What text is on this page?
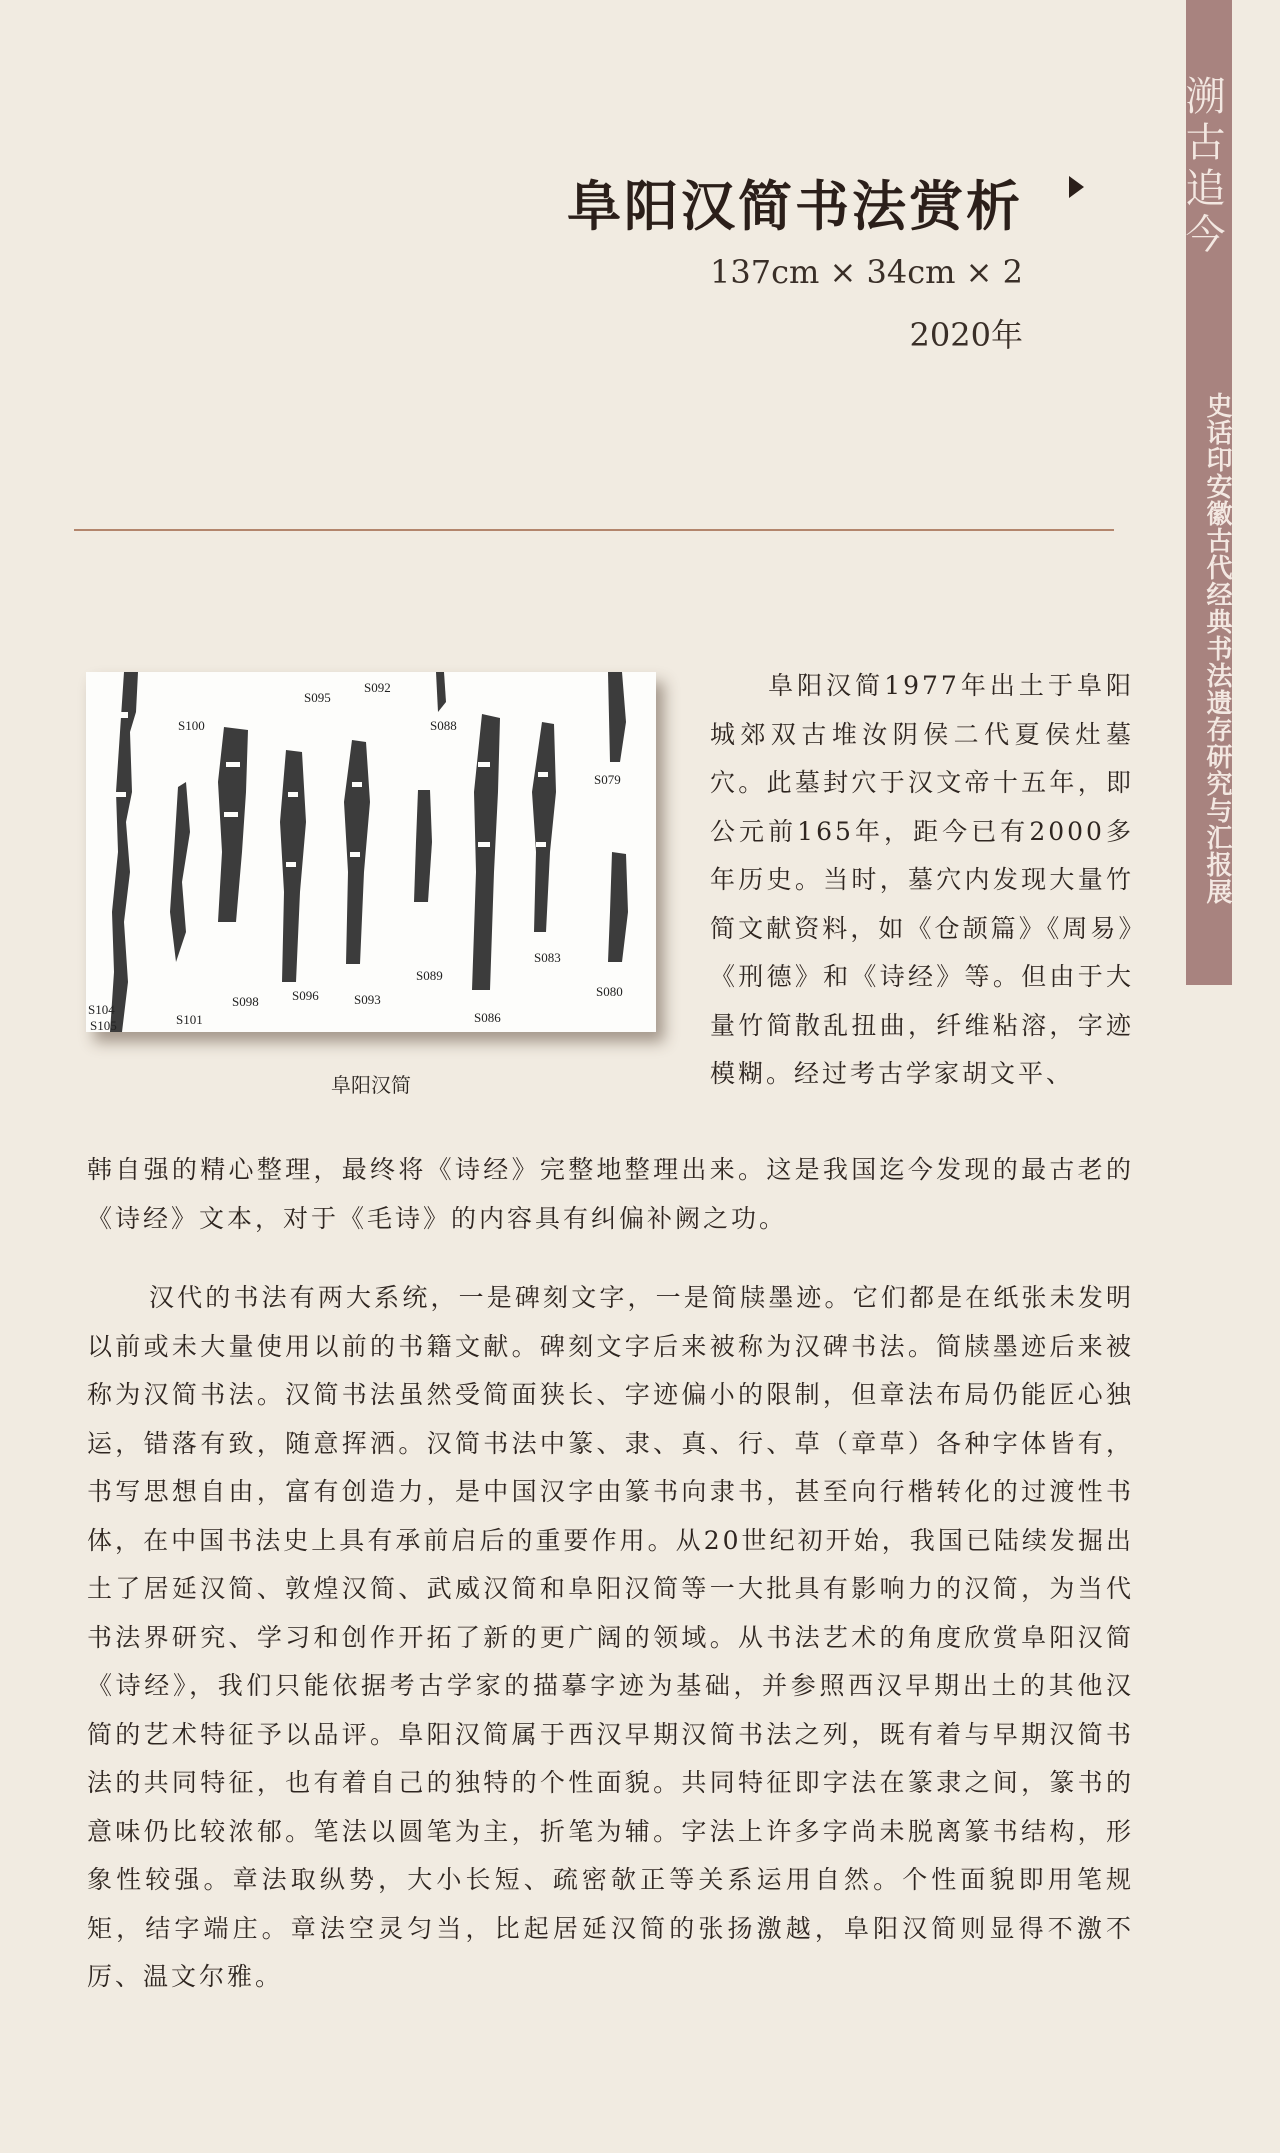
溯古追今
史话印安徽古代经典书法遗存研究与汇报展
阜阳汉简书法赏析
137cm × 34cm × 2
2020年
S100
S095
S092
S088
S079
S104
S105	S101
S098	S096	S093
S089
S086
S083
S080
阜阳汉简

　　阜阳汉简1977年出土于阜阳城郊双古堆汝阴侯二代夏侯灶墓穴。此墓封穴于汉文帝十五年，即公元前165年，距今已有2000多年历史。当时，墓穴内发现大量竹简文献资料，如《仓颉篇》《周易》《刑德》和《诗经》等。但由于大量竹简散乱扭曲，纤维粘溶，字迹模糊。经过考古学家胡文平、

韩自强的精心整理，最终将《诗经》完整地整理出来。这是我国迄今发现的最古老的《诗经》文本，对于《毛诗》的内容具有纠偏补阙之功。

汉代的书法有两大系统，一是碑刻文字，一是简牍墨迹。它们都是在纸张未发明以前或未大量使用以前的书籍文献。碑刻文字后来被称为汉碑书法。简牍墨迹后来被称为汉简书法。汉简书法虽然受简面狭长、字迹偏小的限制，但章法布局仍能匠心独运，错落有致，随意挥洒。汉简书法中篆、隶、真、行、草（章草）各种字体皆有，书写思想自由，富有创造力，是中国汉字由篆书向隶书，甚至向行楷转化的过渡性书体，在中国书法史上具有承前启后的重要作用。从20世纪初开始，我国已陆续发掘出土了居延汉简、敦煌汉简、武威汉简和阜阳汉简等一大批具有影响力的汉简，为当代书法界研究、学习和创作开拓了新的更广阔的领域。从书法艺术的角度欣赏阜阳汉简《诗经》，我们只能依据考古学家的描摹字迹为基础，并参照西汉早期出土的其他汉简的艺术特征予以品评。阜阳汉简属于西汉早期汉简书法之列，既有着与早期汉简书法的共同特征，也有着自己的独特的个性面貌。共同特征即字法在篆隶之间，篆书的意味仍比较浓郁。笔法以圆笔为主，折笔为辅。字法上许多字尚未脱离篆书结构，形象性较强。章法取纵势，大小长短、疏密欹正等关系运用自然。个性面貌即用笔规矩，结字端庄。章法空灵匀当，比起居延汉简的张扬激越，阜阳汉简则显得不激不厉、温文尔雅。
